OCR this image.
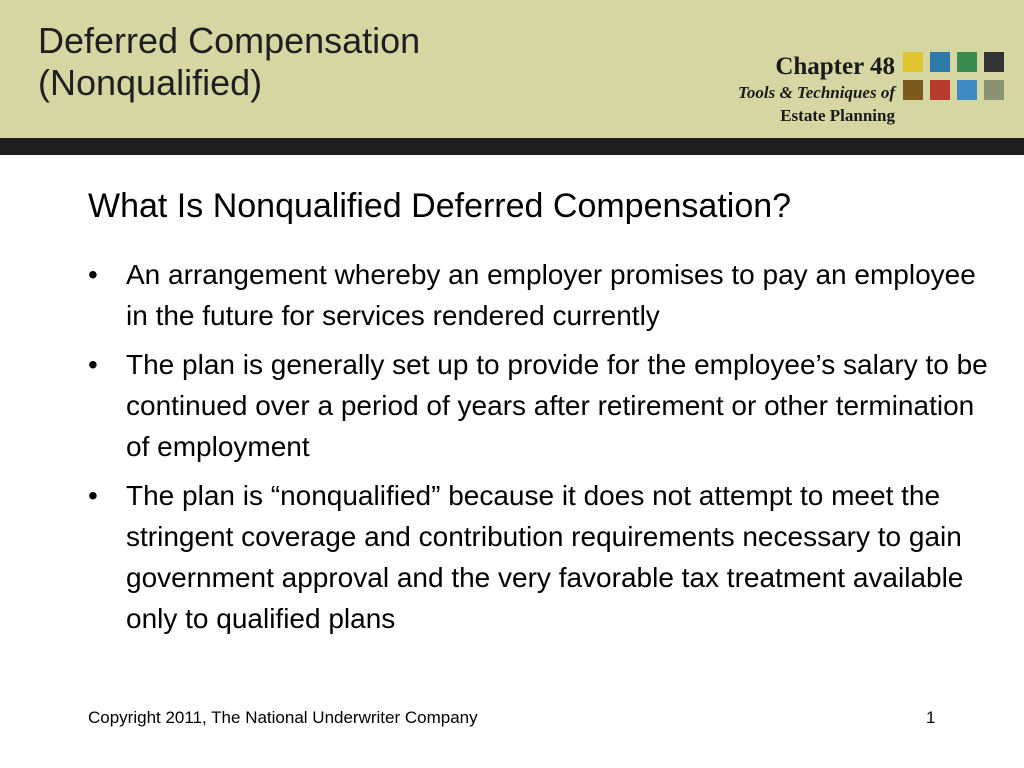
Deferred Compensation
(Nonqualified)	Chapter 48
Tools & Techniques of
Estate Planning
What Is Nonqualified Deferred Compensation?
• An arrangement whereby an employer promises to pay an employee in the future for services rendered currently
• The plan is generally set up to provide for the employee’s salary to be continued over a period of years after retirement or other termination of employment
• The plan is “nonqualified” because it does not attempt to meet the stringent coverage and contribution requirements necessary to gain government approval and the very favorable tax treatment available only to qualified plans
Copyright 2011, The National Underwriter Company	1
